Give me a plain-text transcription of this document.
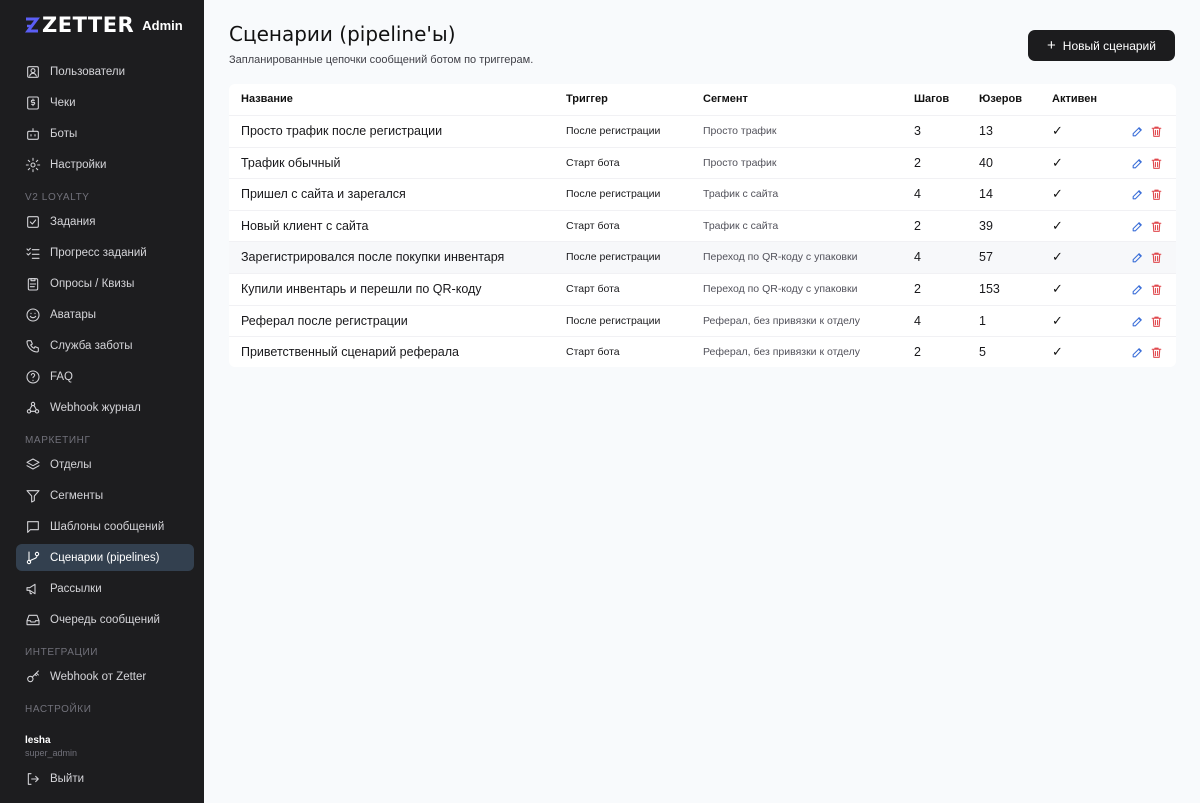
ZETTER Admin
Пользователи
Чеки
Боты
Настройки
V2 LOYALTY
Задания
Прогресс заданий
Опросы / Квизы
Аватары
Служба заботы
FAQ
Webhook журнал
МАРКЕТИНГ
Отделы
Сегменты
Шаблоны сообщений
Сценарии (pipelines)
Рассылки
Очередь сообщений
ИНТЕГРАЦИИ
Webhook от Zetter
НАСТРОЙКИ
lesha
super_admin
Выйти
Сценарии (pipeline'ы)
Запланированные цепочки сообщений ботом по триггерам.
+ Новый сценарий
Название	Триггер	Сегмент	Шагов	Юзеров	Активен
Просто трафик после регистрации	После регистрации	Просто трафик	3	13	✓
Трафик обычный	Старт бота	Просто трафик	2	40	✓
Пришел с сайта и зарегался	После регистрации	Трафик с сайта	4	14	✓
Новый клиент с сайта	Старт бота	Трафик с сайта	2	39	✓
Зарегистрировался после покупки инвентаря	После регистрации	Переход по QR-коду с упаковки	4	57	✓
Купили инвентарь и перешли по QR-коду	Старт бота	Переход по QR-коду с упаковки	2	153	✓
Реферал после регистрации	После регистрации	Реферал, без привязки к отделу	4	1	✓
Приветственный сценарий реферала	Старт бота	Реферал, без привязки к отделу	2	5	✓
